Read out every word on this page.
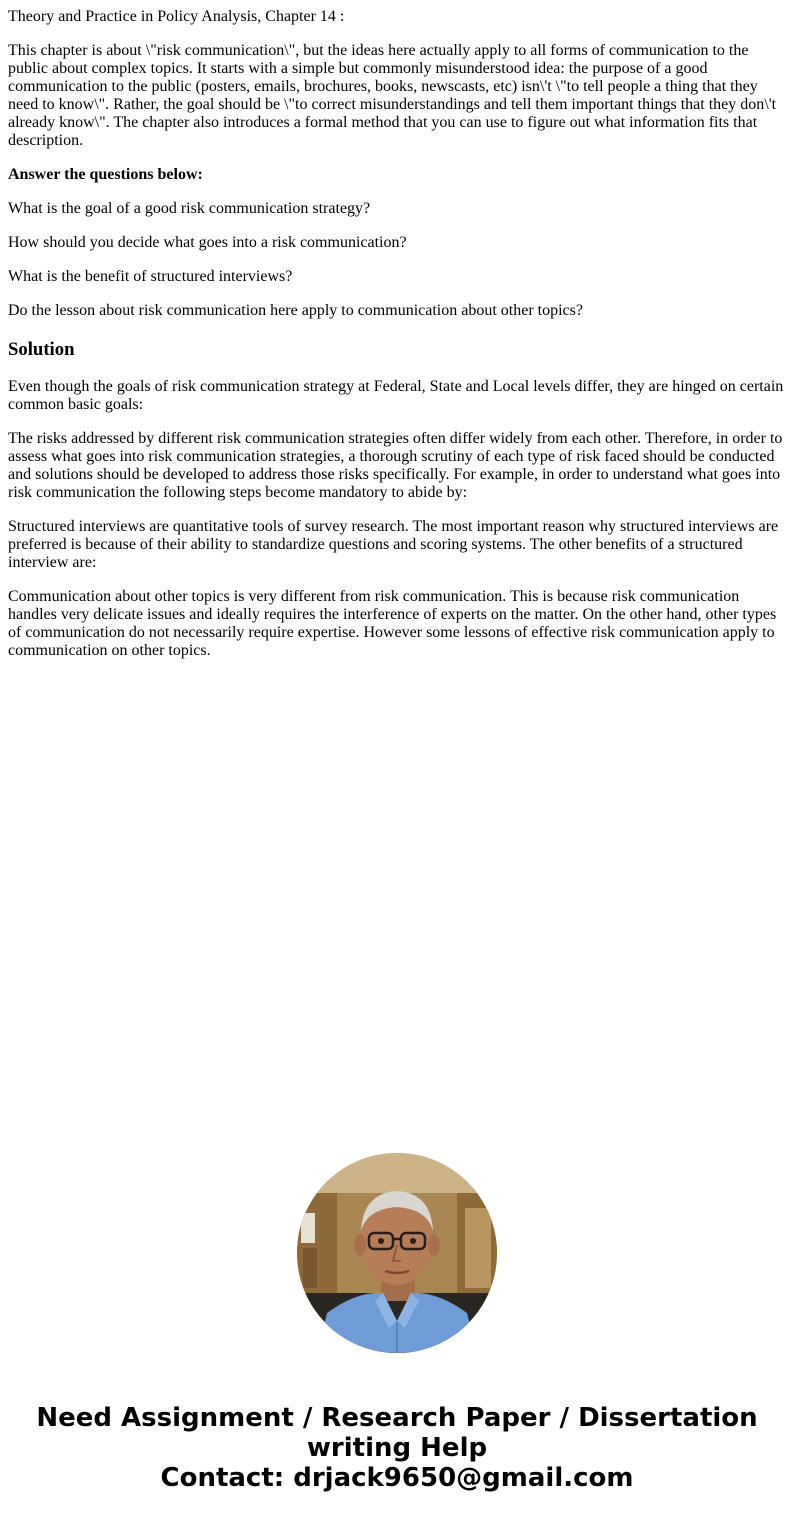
Theory and Practice in Policy Analysis, Chapter 14 :

This chapter is about \"risk communication\", but the ideas here actually apply to all forms of communication to the public about complex topics. It starts with a simple but commonly misunderstood idea: the purpose of a good communication to the public (posters, emails, brochures, books, newscasts, etc) isn\'t \"to tell people a thing that they need to know\". Rather, the goal should be \"to correct misunderstandings and tell them important things that they don\'t already know\". The chapter also introduces a formal method that you can use to figure out what information fits that description.

Answer the questions below:

What is the goal of a good risk communication strategy?

How should you decide what goes into a risk communication?

What is the benefit of structured interviews?

Do the lesson about risk communication here apply to communication about other topics?

Solution

Even though the goals of risk communication strategy at Federal, State and Local levels differ, they are hinged on certain common basic goals:

The risks addressed by different risk communication strategies often differ widely from each other. Therefore, in order to assess what goes into risk communication strategies, a thorough scrutiny of each type of risk faced should be conducted and solutions should be developed to address those risks specifically. For example, in order to understand what goes into risk communication the following steps become mandatory to abide by:

Structured interviews are quantitative tools of survey research. The most important reason why structured interviews are preferred is because of their ability to standardize questions and scoring systems. The other benefits of a structured interview are:

Communication about other topics is very different from risk communication. This is because risk communication handles very delicate issues and ideally requires the interference of experts on the matter. On the other hand, other types of communication do not necessarily require expertise. However some lessons of effective risk communication apply to communication on other topics.

Need Assignment / Research Paper / Dissertation
writing Help
Contact: drjack9650@gmail.com
